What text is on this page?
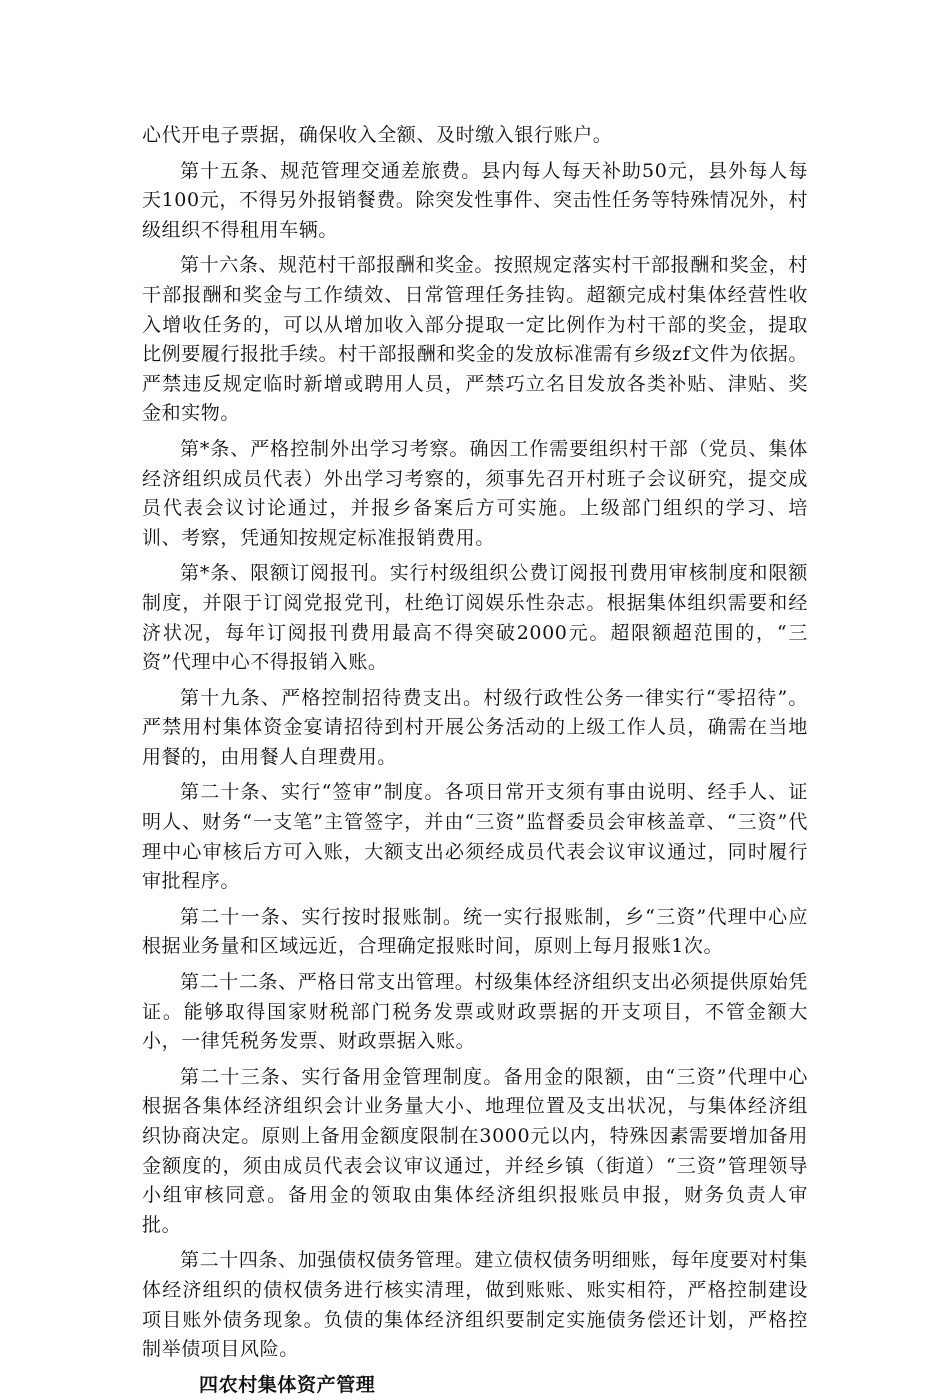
心代开电子票据，确保收入全额、及时缴入银行账户。

第十五条、规范管理交通差旅费。县内每人每天补助50元，县外每人每天100元，不得另外报销餐费。除突发性事件、突击性任务等特殊情况外，村级组织不得租用车辆。

第十六条、规范村干部报酬和奖金。按照规定落实村干部报酬和奖金，村干部报酬和奖金与工作绩效、日常管理任务挂钩。超额完成村集体经营性收入增收任务的，可以从增加收入部分提取一定比例作为村干部的奖金，提取比例要履行报批手续。村干部报酬和奖金的发放标准需有乡级zf文件为依据。严禁违反规定临时新增或聘用人员，严禁巧立名目发放各类补贴、津贴、奖金和实物。

第*条、严格控制外出学习考察。确因工作需要组织村干部（党员、集体经济组织成员代表）外出学习考察的，须事先召开村班子会议研究，提交成员代表会议讨论通过，并报乡备案后方可实施。上级部门组织的学习、培训、考察，凭通知按规定标准报销费用。

第*条、限额订阅报刊。实行村级组织公费订阅报刊费用审核制度和限额制度，并限于订阅党报党刊，杜绝订阅娱乐性杂志。根据集体组织需要和经济状况，每年订阅报刊费用最高不得突破2000元。超限额超范围的，“三资”代理中心不得报销入账。

第十九条、严格控制招待费支出。村级行政性公务一律实行“零招待”。严禁用村集体资金宴请招待到村开展公务活动的上级工作人员，确需在当地用餐的，由用餐人自理费用。

第二十条、实行“签审”制度。各项日常开支须有事由说明、经手人、证明人、财务“一支笔”主管签字，并由“三资”监督委员会审核盖章、“三资”代理中心审核后方可入账，大额支出必须经成员代表会议审议通过，同时履行审批程序。

第二十一条、实行按时报账制。统一实行报账制，乡“三资”代理中心应根据业务量和区域远近，合理确定报账时间，原则上每月报账1次。

第二十二条、严格日常支出管理。村级集体经济组织支出必须提供原始凭证。能够取得国家财税部门税务发票或财政票据的开支项目，不管金额大小，一律凭税务发票、财政票据入账。

第二十三条、实行备用金管理制度。备用金的限额，由“三资”代理中心根据各集体经济组织会计业务量大小、地理位置及支出状况，与集体经济组织协商决定。原则上备用金额度限制在3000元以内，特殊因素需要增加备用金额度的，须由成员代表会议审议通过，并经乡镇（街道）“三资”管理领导小组审核同意。备用金的领取由集体经济组织报账员申报，财务负责人审批。

第二十四条、加强债权债务管理。建立债权债务明细账，每年度要对村集体经济组织的债权债务进行核实清理，做到账账、账实相符，严格控制建设项目账外债务现象。负债的集体经济组织要制定实施债务偿还计划，严格控制举债项目风险。

四农村集体资产管理
